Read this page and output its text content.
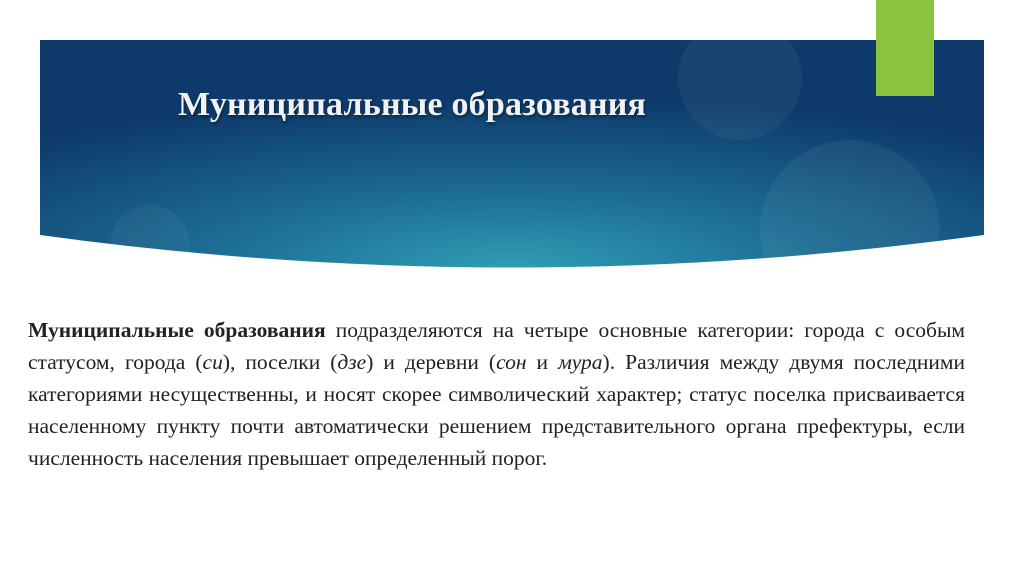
Муниципальные образования

Муниципальные образования подразделяются на четыре основные категории: города с особым статусом, города (си), поселки (дзе) и деревни (сон и мура). Различия между двумя последними категориями несущественны, и носят скорее символический характер; статус поселка присваивается населенному пункту почти автоматически решением представительного органа префектуры, если численность населения превышает определенный порог.
